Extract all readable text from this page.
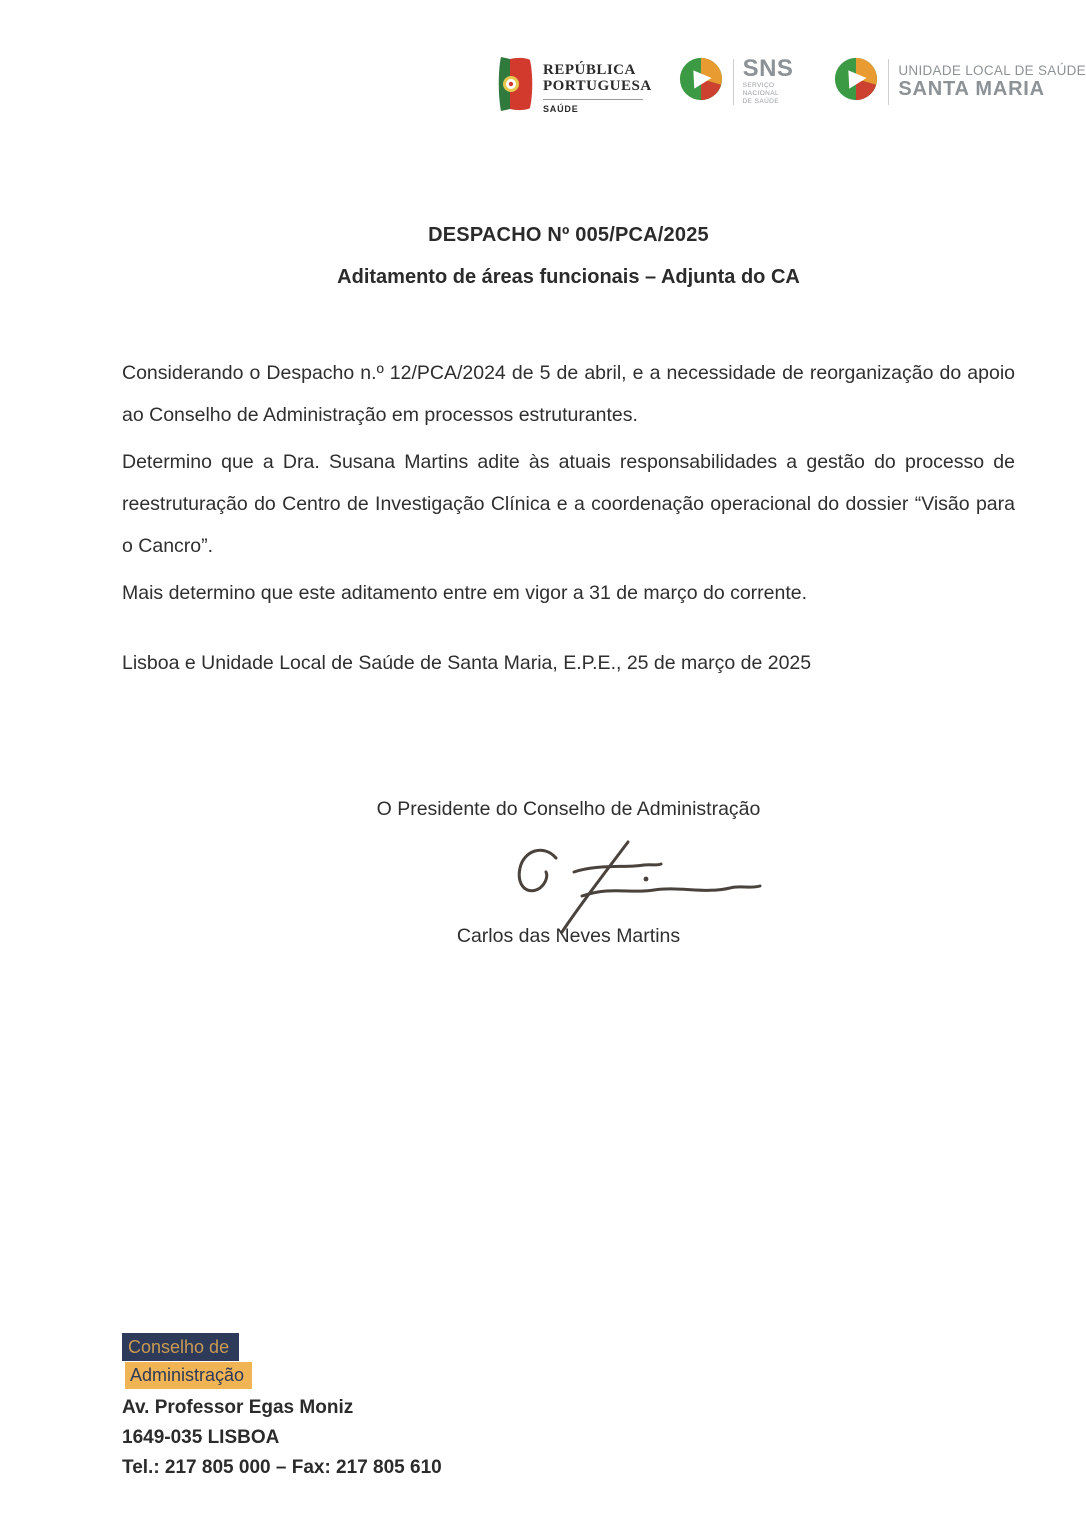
REPÚBLICA
PORTUGUESA
SAÚDE
SNS
SERVIÇO NACIONAL
DE SAÚDE
UNIDADE LOCAL DE SAÚDE
SANTA MARIA
DESPACHO Nº 005/PCA/2025
Aditamento de áreas funcionais – Adjunta do CA

Considerando o Despacho n.º 12/PCA/2024 de 5 de abril, e a necessidade de reorganização do apoio ao Conselho de Administração em processos estruturantes.

Determino que a Dra. Susana Martins adite às atuais responsabilidades a gestão do processo de reestruturação do Centro de Investigação Clínica e a coordenação operacional do dossier “Visão para o Cancro”.

Mais determino que este aditamento entre em vigor a 31 de março do corrente.

Lisboa e Unidade Local de Saúde de Santa Maria, E.P.E., 25 de março de 2025
O Presidente do Conselho de Administração
Carlos das Neves Martins
Conselho de
Administração
Av. Professor Egas Moniz
1649-035 LISBOA
Tel.: 217 805 000 – Fax: 217 805 610
